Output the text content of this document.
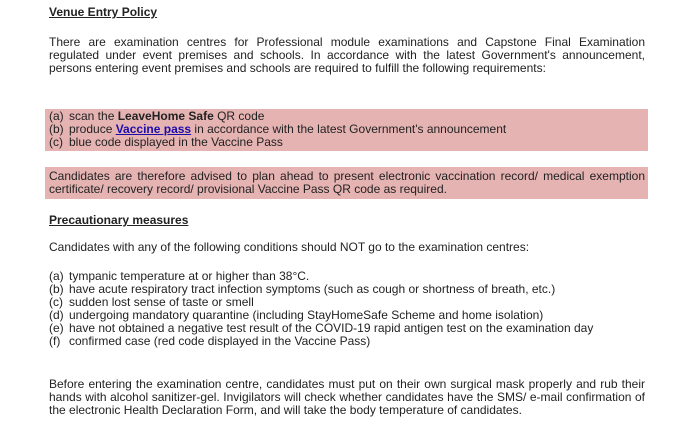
Venue Entry Policy
There are examination centres for Professional module examinations and Capstone Final Examination regulated under event premises and schools. In accordance with the latest Government's announcement, persons entering event premises and schools are required to fulfill the following requirements:
(a) scan the LeaveHome Safe QR code
(b) produce Vaccine pass in accordance with the latest Government's announcement
(c) blue code displayed in the Vaccine Pass
Candidates are therefore advised to plan ahead to present electronic vaccination record/ medical exemption certificate/ recovery record/ provisional Vaccine Pass QR code as required.
Precautionary measures
Candidates with any of the following conditions should NOT go to the examination centres:
(a) tympanic temperature at or higher than 38°C.
(b) have acute respiratory tract infection symptoms (such as cough or shortness of breath, etc.)
(c) sudden lost sense of taste or smell
(d) undergoing mandatory quarantine (including StayHomeSafe Scheme and home isolation)
(e) have not obtained a negative test result of the COVID-19 rapid antigen test on the examination day
(f) confirmed case (red code displayed in the Vaccine Pass)
Before entering the examination centre, candidates must put on their own surgical mask properly and rub their hands with alcohol sanitizer-gel. Invigilators will check whether candidates have the SMS/ e-mail confirmation of the electronic Health Declaration Form, and will take the body temperature of candidates.
